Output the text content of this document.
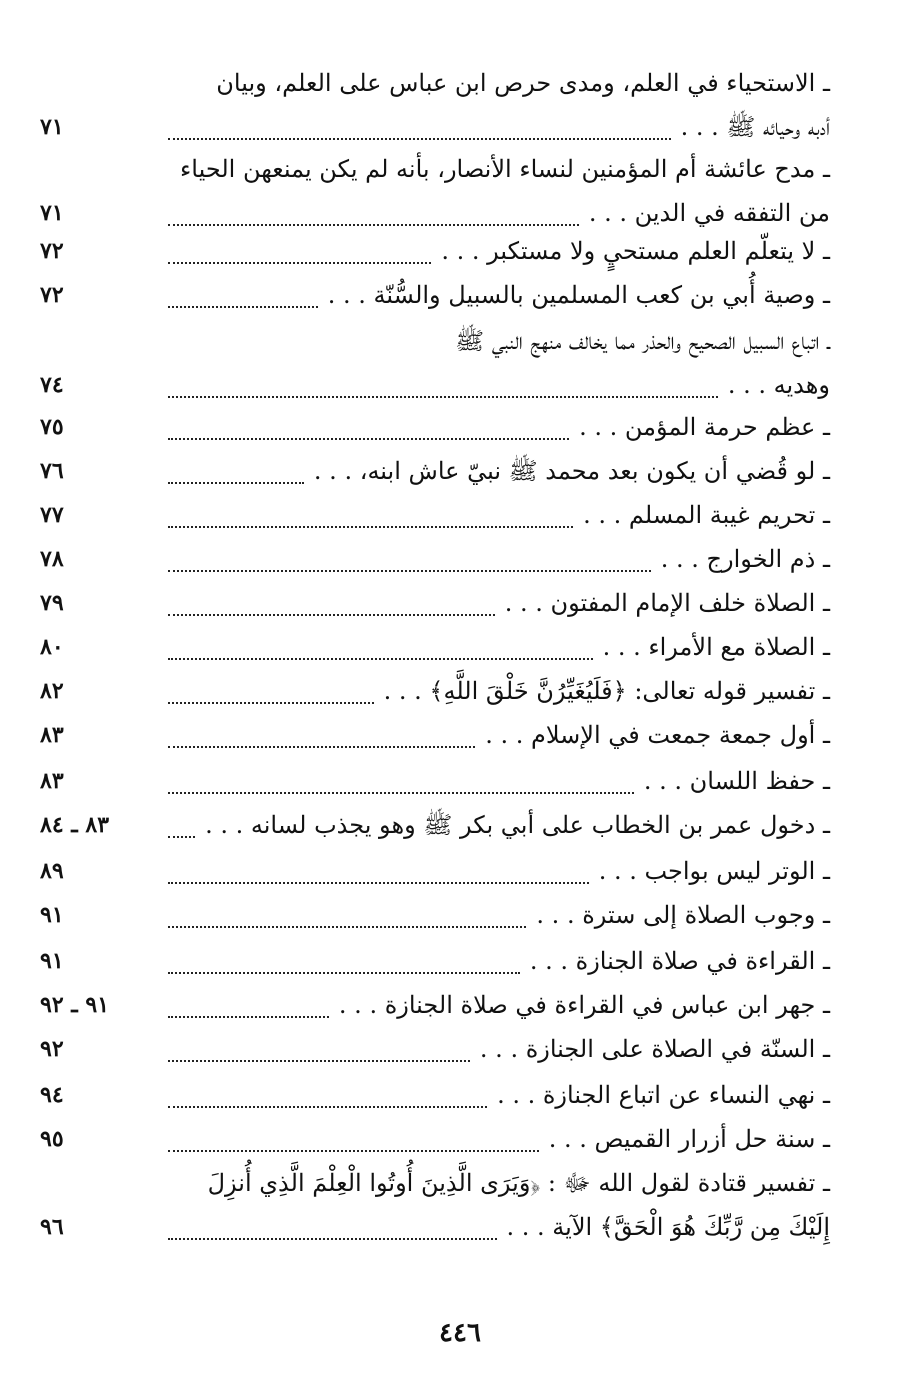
ـ الاستحياء في العلم، ومدى حرص ابن عباس على العلم، وبيان
أدبه وحيائه ﷺ . . .
٧١
ـ مدح عائشة أم المؤمنين لنساء الأنصار، بأنه لم يكن يمنعهن الحياء
من التفقه في الدين . . .
٧١
ـ لا يتعلّم العلم مستحيٍ ولا مستكبر . . .
٧٢
ـ وصية أُبي بن كعب المسلمين بالسبيل والسُّنّة . . .
٧٢
ـ اتباع السبيل الصحيح والحذر مما يخالف منهج النبي ﷺ
وهديه . . .
٧٤
ـ عظم حرمة المؤمن . . .
٧٥
ـ لو قُضي أن يكون بعد محمد ﷺ نبيّ عاش ابنه، . . .
٧٦
ـ تحريم غيبة المسلم . . .
٧٧
ـ ذم الخوارج . . .
٧٨
ـ الصلاة خلف الإمام المفتون . . .
٧٩
ـ الصلاة مع الأمراء . . .
٨٠
ـ تفسير قوله تعالى: ﴿فَلَيُغَيِّرُنَّ خَلْقَ اللَّهِ﴾ . . .
٨٢
ـ أول جمعة جمعت في الإسلام . . .
٨٣
ـ حفظ اللسان . . .
٨٣
ـ دخول عمر بن الخطاب على أبي بكر ﷺ وهو يجذب لسانه . . .
٨٣ ـ ٨٤
ـ الوتر ليس بواجب . . .
٨٩
ـ وجوب الصلاة إلى سترة . . .
٩١
ـ القراءة في صلاة الجنازة . . .
٩١
ـ جهر ابن عباس في القراءة في صلاة الجنازة . . .
٩١ ـ ٩٢
ـ السنّة في الصلاة على الجنازة . . .
٩٢
ـ نهي النساء عن اتباع الجنازة . . .
٩٤
ـ سنة حل أزرار القميص . . .
٩٥
ـ تفسير قتادة لقول الله ﷻ : ﴿وَيَرَى الَّذِينَ أُوتُوا الْعِلْمَ الَّذِي أُنزِلَ
إِلَيْكَ مِن رَّبِّكَ هُوَ الْحَقَّ﴾ الآية . . .
٩٦
٤٤٦
